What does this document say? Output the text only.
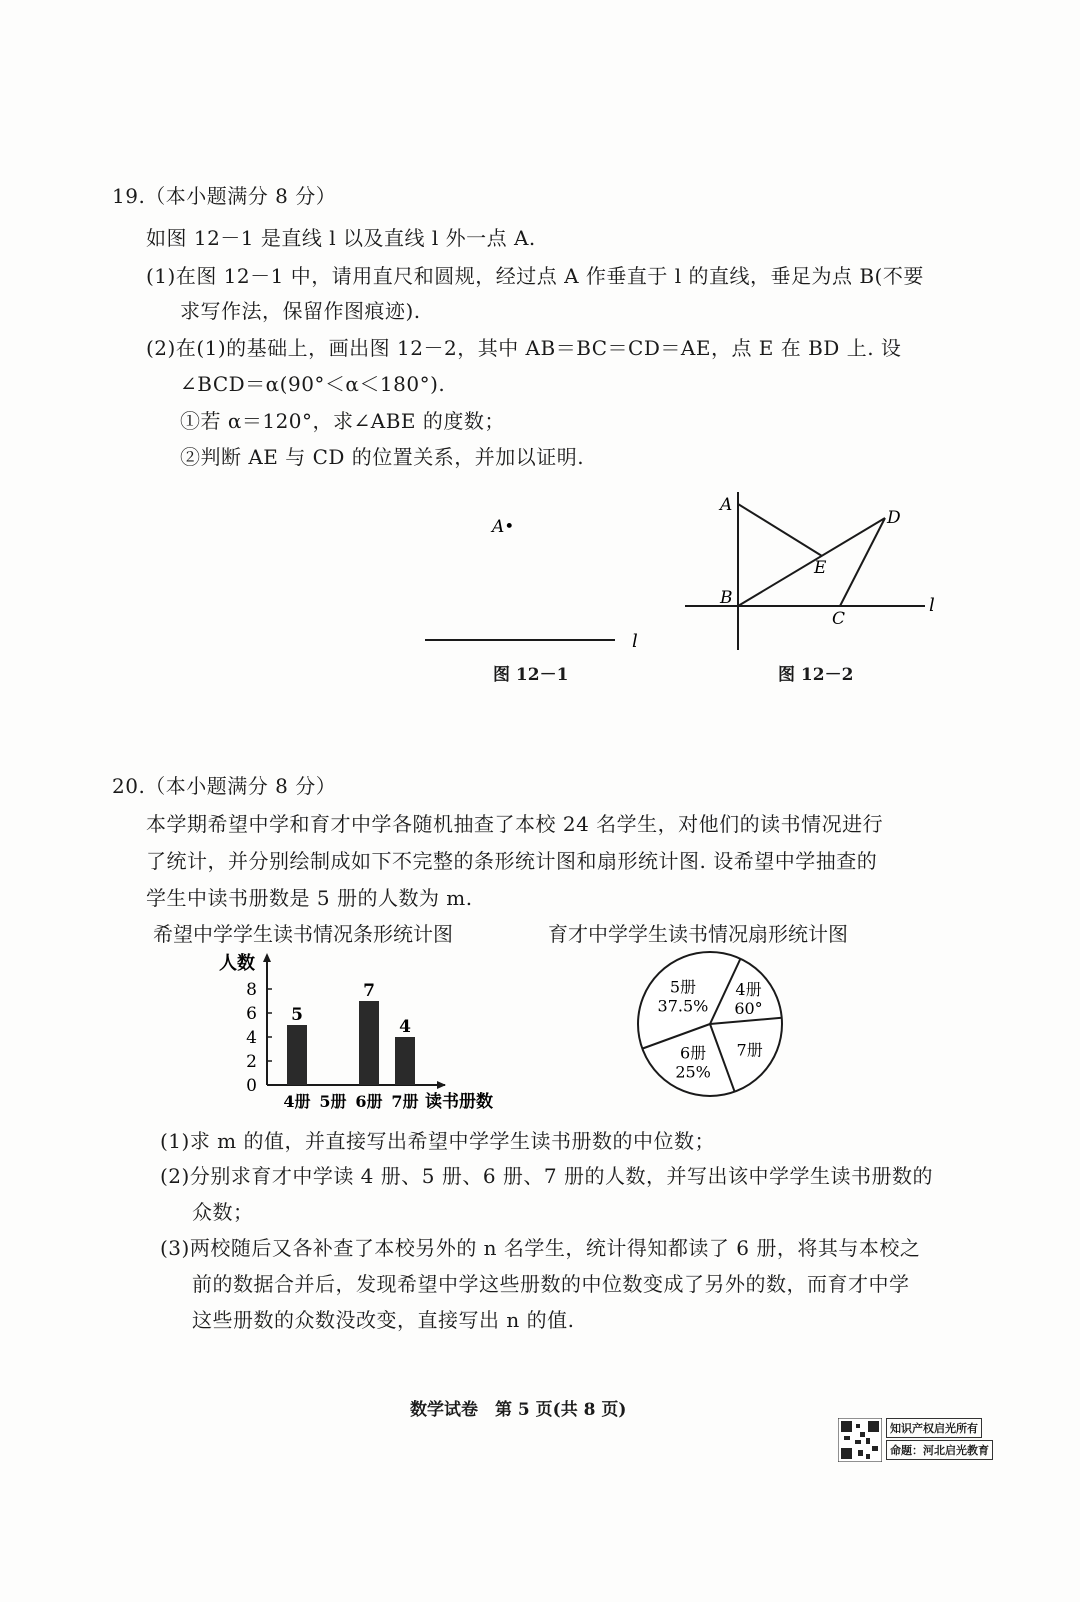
19.（本小题满分 8 分）
如图 12－1 是直线 l 以及直线 l 外一点 A.
(1)在图 12－1 中，请用直尺和圆规，经过点 A 作垂直于 l 的直线，垂足为点 B(不要
求写作法，保留作图痕迹).
(2)在(1)的基础上，画出图 12－2，其中 AB＝BC＝CD＝AE，点 E 在 BD 上. 设
∠BCD＝α(90°＜α＜180°).
①若 α＝120°，求∠ABE 的度数；
②判断 AE 与 CD 的位置关系，并加以证明.
A•
l
图 12－1
A
B
C
D
E
l
图 12－2
20.（本小题满分 8 分）
本学期希望中学和育才中学各随机抽查了本校 24 名学生，对他们的读书情况进行
了统计，并分别绘制成如下不完整的条形统计图和扇形统计图. 设希望中学抽查的
学生中读书册数是 5 册的人数为 m.
希望中学学生读书情况条形统计图	育才中学学生读书情况扇形统计图
人数
0
2
4
6
8
5
4册 5册
7
6册
4
7册 读书册数
5册
37.5%
4册
60°
7册
6册
25%
(1)求 m 的值，并直接写出希望中学学生读书册数的中位数；
(2)分别求育才中学读 4 册、5 册、6 册、7 册的人数，并写出该中学学生读书册数的
众数；
(3)两校随后又各补查了本校另外的 n 名学生，统计得知都读了 6 册，将其与本校之
前的数据合并后，发现希望中学这些册数的中位数变成了另外的数，而育才中学
这些册数的众数没改变，直接写出 n 的值.
数学试卷　第 5 页(共 8 页)
知识产权启光所有
命题：河北启光教育
